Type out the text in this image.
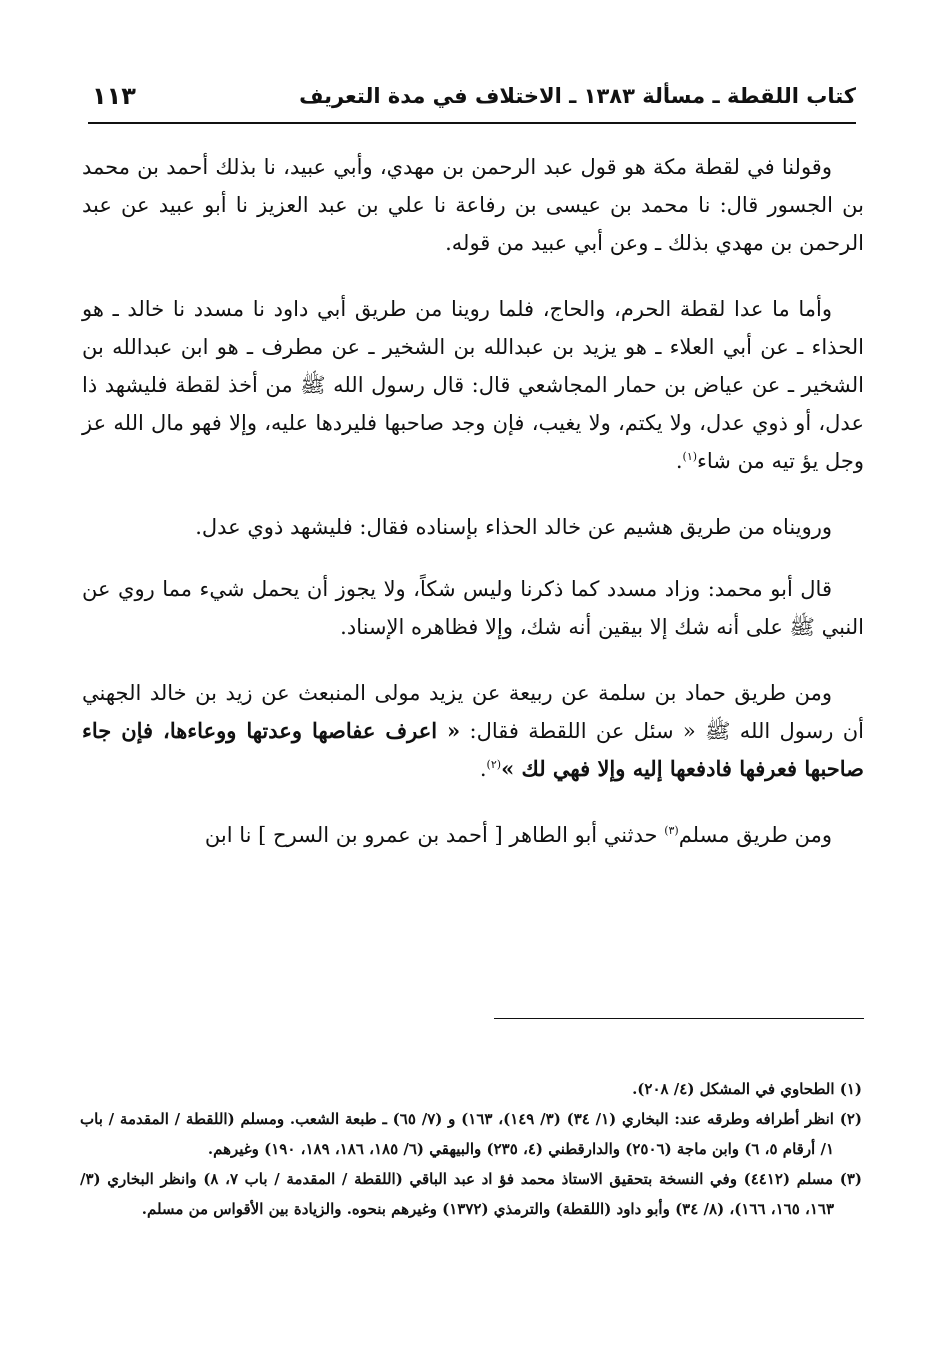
كتاب اللقطة ـ مسألة ١٣٨٣ ـ الاختلاف في مدة التعريف
١١٣

وقولنا في لقطة مكة هو قول عبد الرحمن بن مهدي، وأبي عبيد، نا بذلك أحمد بن محمد بن الجسور قال: نا محمد بن عيسى بن رفاعة نا علي بن عبد العزيز نا أبو عبيد عن عبد الرحمن بن مهدي بذلك ـ وعن أبي عبيد من قوله.

وأما ما عدا لقطة الحرم، والحاج، فلما روينا من طريق أبي داود نا مسدد نا خالد ـ هو الحذاء ـ عن أبي العلاء ـ هو يزيد بن عبدالله بن الشخير ـ عن مطرف ـ هو ابن عبدالله بن الشخير ـ عن عياض بن حمار المجاشعي قال: قال رسول الله ﷺ من أخذ لقطة فليشهد ذا عدل، أو ذوي عدل، ولا يكتم، ولا يغيب، فإن وجد صاحبها فليردها عليه، وإلا فهو مال الله عز وجل يؤ تيه من شاء$^{(١)}$.

ورويناه من طريق هشيم عن خالد الحذاء بإسناده فقال: فليشهد ذوي عدل.

قال أبو محمد: وزاد مسدد كما ذكرنا وليس شكاً، ولا يجوز أن يحمل شيء مما روي عن النبي ﷺ على أنه شك إلا بيقين أنه شك، وإلا فظاهره الإسناد.

ومن طريق حماد بن سلمة عن ربيعة عن يزيد مولى المنبعث عن زيد بن خالد الجهني أن رسول الله ﷺ « سئل عن اللقطة فقال: « اعرف عفاصها وعدتها ووعاءها، فإن جاء صاحبها فعرفها فادفعها إليه وإلا فهي لك »$^{(٢)}$.

ومن طريق مسلم$^{(٣)}$ حدثني أبو الطاهر [ أحمد بن عمرو بن السرح ] نا ابن

(١) الطحاوي في المشكل (٤/ ٢٠٨).

(٢) انظر أطرافه وطرقه عند: البخاري (١/ ٣٤) (٣/ ١٤٩)، ١٦٣) و (٧/ ٦٥) ـ طبعة الشعب. ومسلم (اللقطة / المقدمة / باب ١/ أرقام ٥، ٦) وابن ماجة (٢٥٠٦) والدارقطني (٤، ٢٣٥) والبيهقي (٦/ ١٨٥، ١٨٦، ١٨٩، ١٩٠) وغيرهم.

(٣) مسلم (٤٤١٢) وفي النسخة بتحقيق الاستاذ محمد فؤ اد عبد الباقي (اللقطة / المقدمة / باب ٧، ٨) وانظر البخاري (٣/ ١٦٣، ١٦٥، ١٦٦)، (٨/ ٣٤) وأبو داود (اللقطة) والترمذي (١٣٧٢) وغيرهم بنحوه. والزيادة بين الأقواس من مسلم.
